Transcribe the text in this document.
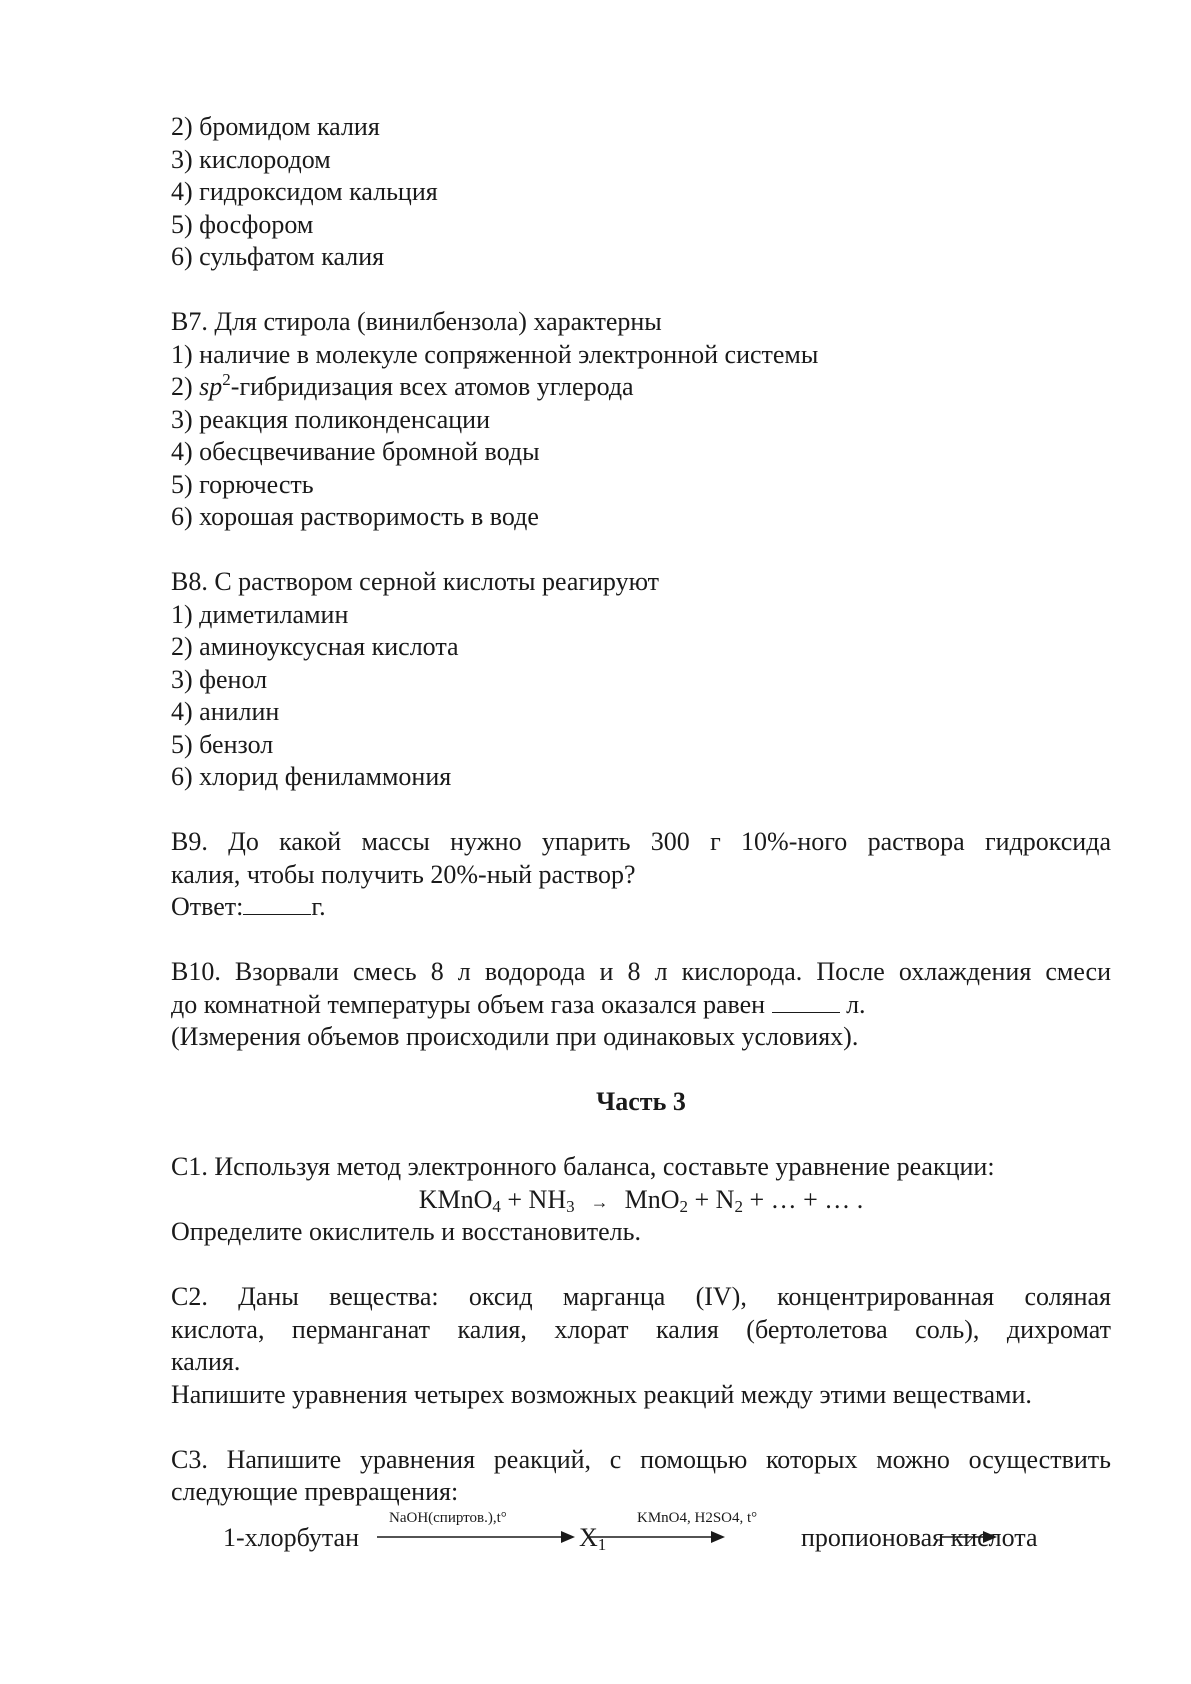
2) бромидом калия
3) кислородом
4) гидроксидом кальция
5) фосфором
6) сульфатом калия
В7. Для стирола (винилбензола) характерны
1) наличие в молекуле сопряженной электронной системы
2) $sp^2$-гибридизация всех атомов углерода
3) реакция поликонденсации
4) обесцвечивание бромной воды
5) горючесть
6) хорошая растворимость в воде
В8. С раствором серной кислоты реагируют
1) диметиламин
2) аминоуксусная кислота
3) фенол
4) анилин
5) бензол
6) хлорид фениламмония
В9. До какой массы нужно упарить 300 г 10%-ного раствора гидроксида
калия, чтобы получить 20%-ный раствор?
Ответ:	г.
В10. Взорвали смесь 8 л водорода и 8 л кислорода. После охлаждения смеси
до комнатной температуры объем газа оказался равен	л.
(Измерения объемов происходили при одинаковых условиях).
Часть 3
С1. Используя метод электронного баланса, составьте уравнение реакции:
KMnO$_4$ + $NH_3 \to MnO_2 + N_2$ + … + … .
Определите окислитель и восстановитель.
С2. Даны вещества: оксид марганца (IV), концентрированная соляная
кислота, перманганат калия, хлорат калия (бертолетова соль), дихромат
калия.
Напишите уравнения четырех возможных реакций между этими веществами.
С3. Напишите уравнения реакций, с помощью которых можно осуществить
следующие превращения:
1-хлорбутан
NaOH(спиртов.),t°
$X_1$
KMnO4, H2SO4, t°
пропионовая кислота
